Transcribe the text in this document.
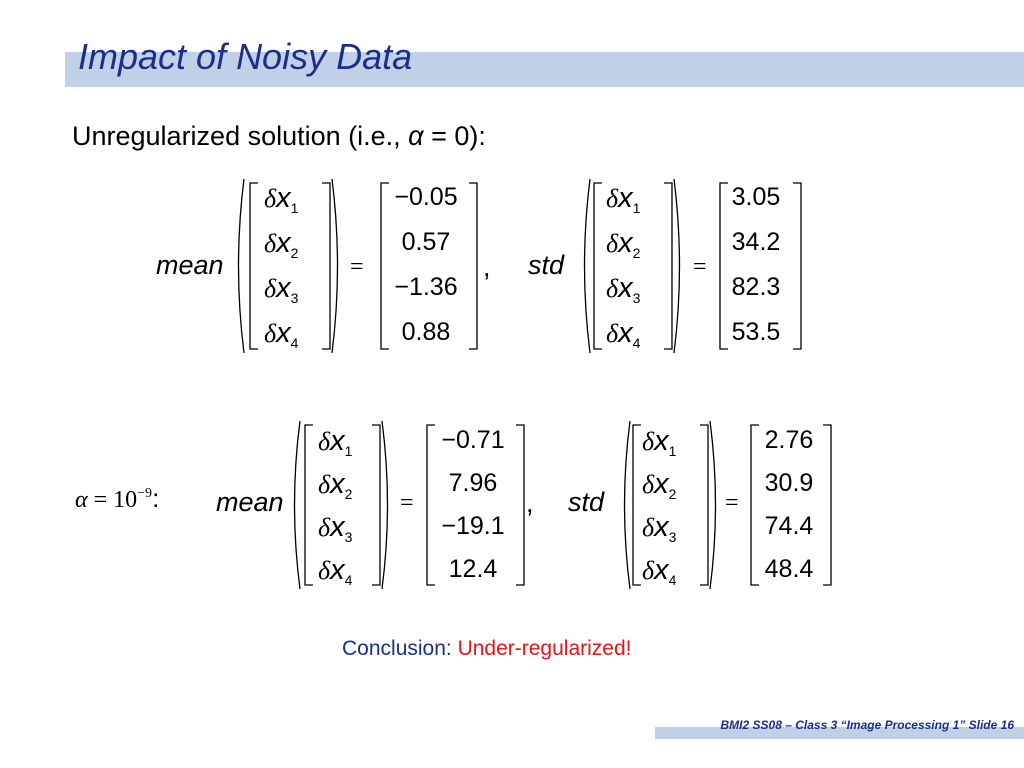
Impact of Noisy Data
Unregularized solution (i.e., α = 0):
mean
$\delta x_1$
$\delta x_2$
$\delta x_3$
$\delta x_4$
=
−0.05
0.57
−1.36
0.88
, std
$\delta x_1$
$\delta x_2$
$\delta x_3$
$\delta x_4$
=
3.05
34.2
82.3
53.5
mean
$\delta x_1$
$\delta x_2$
$\delta x_3$
$\delta x_4$
=
−0.71
7.96
−19.1
12.4
, std
$\delta x_1$
$\delta x_2$
$\delta x_3$
$\delta x_4$
=
2.76
30.9
74.4
48.4
$\alpha = 10^{-9}$:
Conclusion: Under-regularized!
BMI2 SS08 – Class 3 “Image Processing 1” Slide 16
